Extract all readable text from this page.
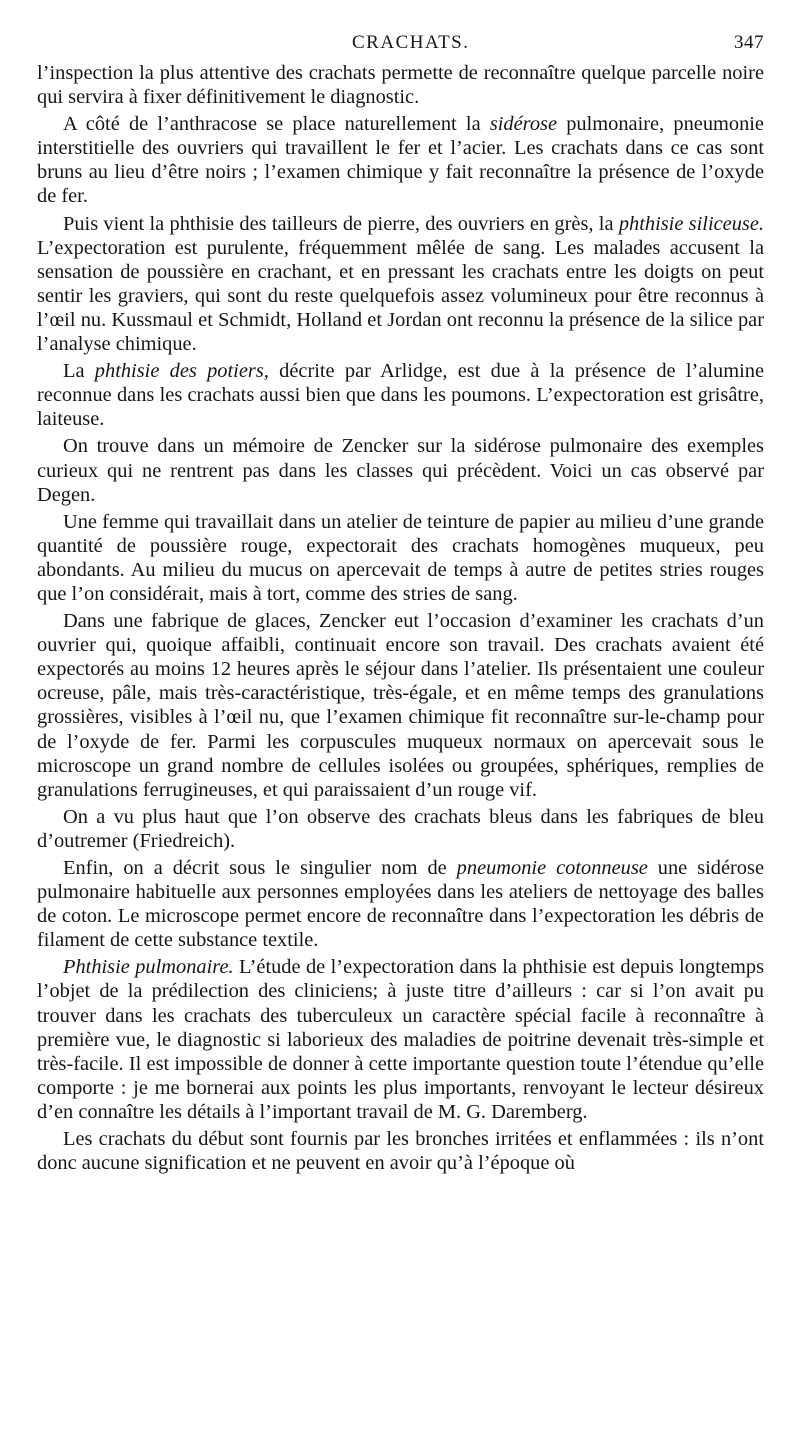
CRACHATS.	347

l’inspection la plus attentive des crachats permette de reconnaître quelque parcelle noire qui servira à fixer définitivement le diagnostic.

A côté de l’anthracose se place naturellement la sidérose pulmonaire, pneumonie interstitielle des ouvriers qui travaillent le fer et l’acier. Les crachats dans ce cas sont bruns au lieu d’être noirs ; l’examen chimique y fait reconnaître la présence de l’oxyde de fer.

Puis vient la phthisie des tailleurs de pierre, des ouvriers en grès, la phthisie siliceuse. L’expectoration est purulente, fréquemment mêlée de sang. Les malades accusent la sensation de poussière en crachant, et en pressant les crachats entre les doigts on peut sentir les graviers, qui sont du reste quelquefois assez volumineux pour être reconnus à l’œil nu. Kussmaul et Schmidt, Holland et Jordan ont reconnu la présence de la silice par l’analyse chimique.

La phthisie des potiers, décrite par Arlidge, est due à la présence de l’alumine reconnue dans les crachats aussi bien que dans les poumons. L’expectoration est grisâtre, laiteuse.

On trouve dans un mémoire de Zencker sur la sidérose pulmonaire des exemples curieux qui ne rentrent pas dans les classes qui précèdent. Voici un cas observé par Degen.

Une femme qui travaillait dans un atelier de teinture de papier au milieu d’une grande quantité de poussière rouge, expectorait des crachats homogènes muqueux, peu abondants. Au milieu du mucus on apercevait de temps à autre de petites stries rouges que l’on considérait, mais à tort, comme des stries de sang.

Dans une fabrique de glaces, Zencker eut l’occasion d’examiner les crachats d’un ouvrier qui, quoique affaibli, continuait encore son travail. Des crachats avaient été expectorés au moins 12 heures après le séjour dans l’atelier. Ils présentaient une couleur ocreuse, pâle, mais très-caractéristique, très-égale, et en même temps des granulations grossières, visibles à l’œil nu, que l’examen chimique fit reconnaître sur-le-champ pour de l’oxyde de fer. Parmi les corpuscules muqueux normaux on apercevait sous le microscope un grand nombre de cellules isolées ou groupées, sphériques, remplies de granulations ferrugineuses, et qui paraissaient d’un rouge vif.

On a vu plus haut que l’on observe des crachats bleus dans les fabriques de bleu d’outremer (Friedreich).

Enfin, on a décrit sous le singulier nom de pneumonie cotonneuse une sidérose pulmonaire habituelle aux personnes employées dans les ateliers de nettoyage des balles de coton. Le microscope permet encore de reconnaître dans l’expectoration les débris de filament de cette substance textile.

Phthisie pulmonaire. L’étude de l’expectoration dans la phthisie est depuis longtemps l’objet de la prédilection des cliniciens; à juste titre d’ailleurs : car si l’on avait pu trouver dans les crachats des tuberculeux un caractère spécial facile à reconnaître à première vue, le diagnostic si laborieux des maladies de poitrine devenait très-simple et très-facile. Il est impossible de donner à cette importante question toute l’étendue qu’elle comporte : je me bornerai aux points les plus importants, renvoyant le lecteur désireux d’en connaître les détails à l’important travail de M. G. Daremberg.

Les crachats du début sont fournis par les bronches irritées et enflammées : ils n’ont donc aucune signification et ne peuvent en avoir qu’à l’époque où
